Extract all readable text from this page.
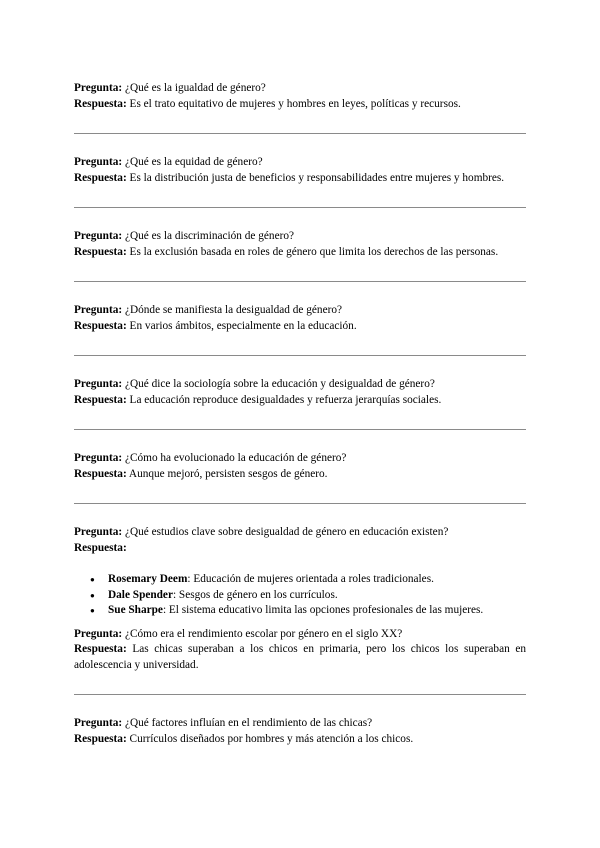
Pregunta: ¿Qué es la igualdad de género?

Respuesta: Es el trato equitativo de mujeres y hombres en leyes, políticas y recursos.

Pregunta: ¿Qué es la equidad de género?

Respuesta: Es la distribución justa de beneficios y responsabilidades entre mujeres y hombres.

Pregunta: ¿Qué es la discriminación de género?

Respuesta: Es la exclusión basada en roles de género que limita los derechos de las personas.

Pregunta: ¿Dónde se manifiesta la desigualdad de género?

Respuesta: En varios ámbitos, especialmente en la educación.

Pregunta: ¿Qué dice la sociología sobre la educación y desigualdad de género?

Respuesta: La educación reproduce desigualdades y refuerza jerarquías sociales.

Pregunta: ¿Cómo ha evolucionado la educación de género?

Respuesta: Aunque mejoró, persisten sesgos de género.

Pregunta: ¿Qué estudios clave sobre desigualdad de género en educación existen?

Respuesta:

● Rosemary Deem: Educación de mujeres orientada a roles tradicionales.
● Dale Spender: Sesgos de género en los currículos.
● Sue Sharpe: El sistema educativo limita las opciones profesionales de las mujeres.

Pregunta: ¿Cómo era el rendimiento escolar por género en el siglo XX?

Respuesta: Las chicas superaban a los chicos en primaria, pero los chicos los superaban en adolescencia y universidad.

Pregunta: ¿Qué factores influían en el rendimiento de las chicas?

Respuesta: Currículos diseñados por hombres y más atención a los chicos.
